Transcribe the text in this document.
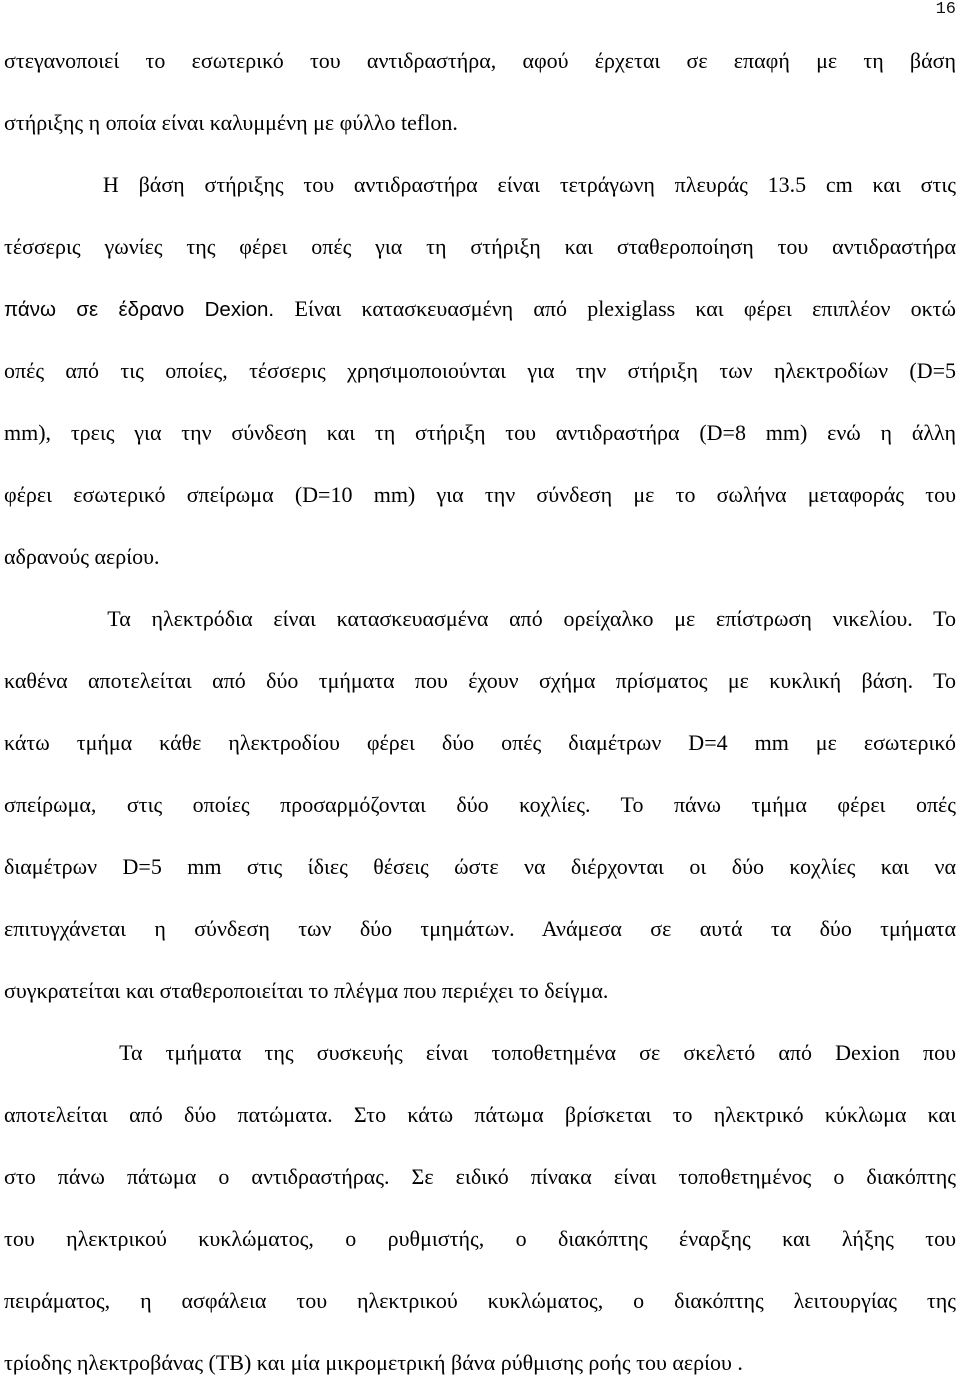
16
στεγανοποιεί το εσωτερικό του αντιδραστήρα, αφού έρχεται σε επαφή με τη βάση
στήριξης η οποία είναι καλυμμένη με φύλλο teflon.
Η βάση στήριξης του αντιδραστήρα είναι τετράγωνη πλευράς 13.5 cm και στις
τέσσερις γωνίες της φέρει οπές για τη στήριξη και σταθεροποίηση του αντιδραστήρα
πάνω σε έδρανο Dexion. Είναι κατασκευασμένη από plexiglass και φέρει επιπλέον οκτώ
οπές από τις οποίες, τέσσερις χρησιμοποιούνται για την στήριξη των ηλεκτροδίων (D=5
mm), τρεις για την σύνδεση και τη στήριξη του αντιδραστήρα (D=8 mm) ενώ η άλλη
φέρει εσωτερικό σπείρωμα (D=10 mm) για την σύνδεση με το σωλήνα μεταφοράς του
αδρανούς αερίου.
Τα ηλεκτρόδια είναι κατασκευασμένα από ορείχαλκο με επίστρωση νικελίου. Το
καθένα αποτελείται από δύο τμήματα που έχουν σχήμα πρίσματος με κυκλική βάση. Το
κάτω τμήμα κάθε ηλεκτροδίου φέρει δύο οπές διαμέτρων D=4 mm με εσωτερικό
σπείρωμα, στις οποίες προσαρμόζονται δύο κοχλίες. Το πάνω τμήμα φέρει οπές
διαμέτρων D=5 mm στις ίδιες θέσεις ώστε να διέρχονται οι δύο κοχλίες και να
επιτυγχάνεται η σύνδεση των δύο τμημάτων. Ανάμεσα σε αυτά τα δύο τμήματα
συγκρατείται και σταθεροποιείται το πλέγμα που περιέχει το δείγμα.
Τα τμήματα της συσκευής είναι τοποθετημένα σε σκελετό από Dexion που
αποτελείται από δύο πατώματα. Στο κάτω πάτωμα βρίσκεται το ηλεκτρικό κύκλωμα και
στο πάνω πάτωμα ο αντιδραστήρας. Σε ειδικό πίνακα είναι τοποθετημένος ο διακόπτης
του ηλεκτρικού κυκλώματος, ο ρυθμιστής, ο διακόπτης έναρξης και λήξης του
πειράματος, η ασφάλεια του ηλεκτρικού κυκλώματος, ο διακόπτης λειτουργίας της
τρίοδης ηλεκτροβάνας (TB) και μία μικρομετρική βάνα ρύθμισης ροής του αερίου .
